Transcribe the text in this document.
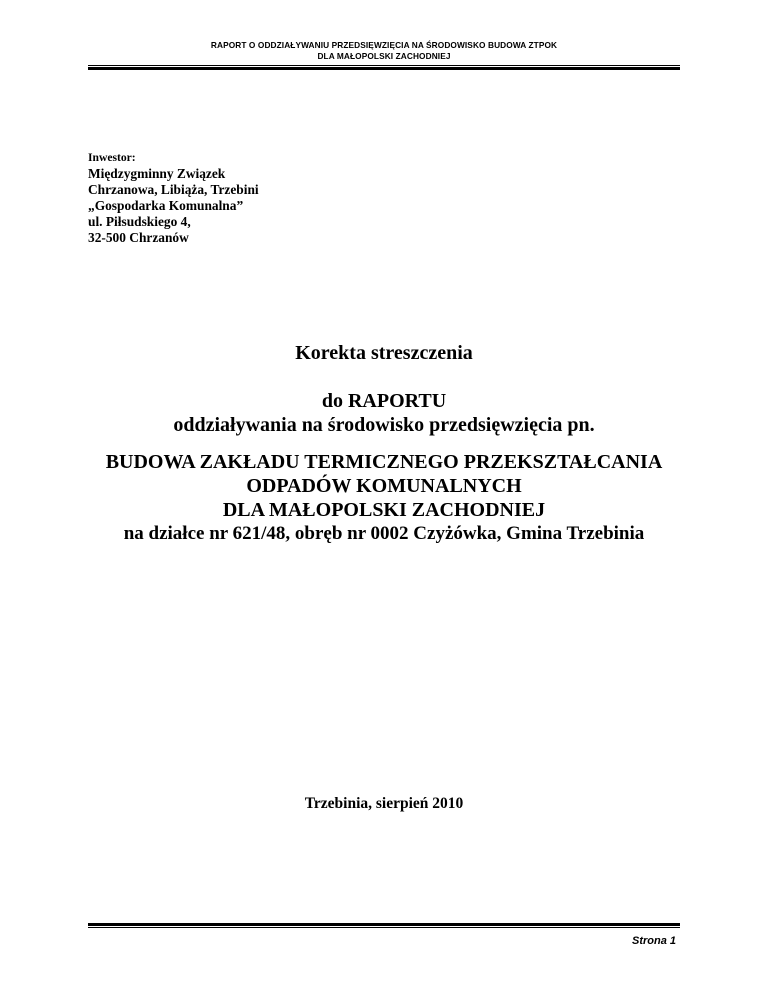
RAPORT O ODDZIAŁYWANIU PRZEDSIĘWZIĘCIA NA ŚRODOWISKO BUDOWA ZTPOK
DLA MAŁOPOLSKI ZACHODNIEJ
Inwestor:
Międzygminny Związek
Chrzanowa, Libiąża, Trzebini
„Gospodarka Komunalna”
ul. Piłsudskiego 4,
32-500 Chrzanów
Korekta streszczenia
do RAPORTU
oddziaływania na środowisko przedsięwzięcia pn.
BUDOWA ZAKŁADU TERMICZNEGO PRZEKSZTAŁCANIA
ODPADÓW KOMUNALNYCH
DLA MAŁOPOLSKI ZACHODNIEJ
na działce nr 621/48, obręb nr 0002 Czyżówka, Gmina Trzebinia
Trzebinia, sierpień 2010
Strona 1
